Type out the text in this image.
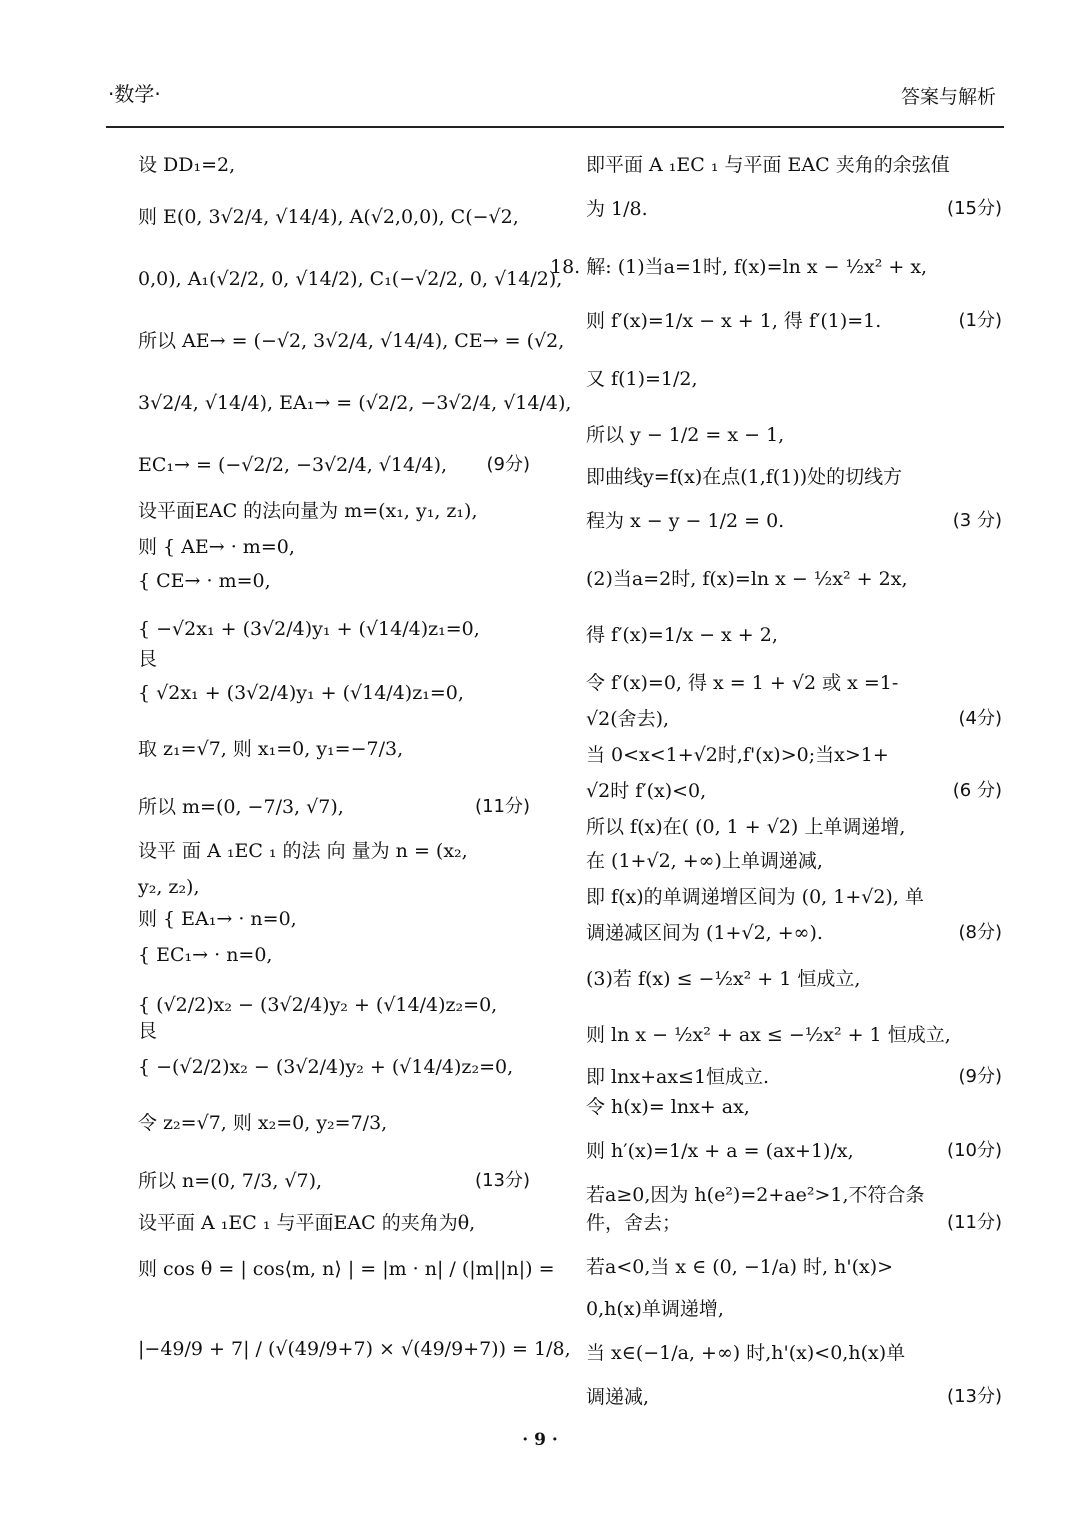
·数学·	答案与解析
设 DD₁=2,
则 E(0, 3√2/4, √14/4), A(√2,0,0), C(−√2,
0,0), A₁(√2/2, 0, √14/2), C₁(−√2/2, 0, √14/2),
所以 AE→ = (−√2, 3√2/4, √14/4), CE→ = (√2,
3√2/4, √14/4), EA₁→ = (√2/2, −3√2/4, √14/4),
EC₁→ = (−√2/2, −3√2/4, √14/4), (9分)
设平面EAC 的法向量为 m=(x₁, y₁, z₁),
则 { AE→ · m=0,
{ CE→ · m=0,
{ −√2x₁ + (3√2/4)y₁ + (√14/4)z₁=0,
艮
{ √2x₁ + (3√2/4)y₁ + (√14/4)z₁=0,
取 z₁=√7, 则 x₁=0, y₁=−7/3,
所以 m=(0, −7/3, √7),	(11分)
设平 面 A ₁EC ₁ 的法 向 量为 n = (x₂,
y₂, z₂),
则 { EA₁→ · n=0,
{ EC₁→ · n=0,
{ (√2/2)x₂ − (3√2/4)y₂ + (√14/4)z₂=0,
艮
{ −(√2/2)x₂ − (3√2/4)y₂ + (√14/4)z₂=0,
令 z₂=√7, 则 x₂=0, y₂=7/3,
所以 n=(0, 7/3, √7),	(13分)
设平面 A ₁EC ₁ 与平面EAC 的夹角为θ,
则 cos θ = | cos⟨m, n⟩ | = |m · n| / (|m||n|) =
|−49/9 + 7| / (√(49/9+7) × √(49/9+7)) = 1/8,
即平面 A ₁EC ₁ 与平面 EAC 夹角的余弦值
为 1/8.	(15分)
18. 解: (1)当a=1时, f(x)=ln x − ½x² + x,
则 f′(x)=1/x − x + 1, 得 f′(1)=1.	(1分)
又 f(1)=1/2,
所以 y − 1/2 = x − 1,
即曲线y=f(x)在点(1,f(1))处的切线方
程为 x − y − 1/2 = 0.	(3 分)
(2)当a=2时, f(x)=ln x − ½x² + 2x,
得 f′(x)=1/x − x + 2,
令 f′(x)=0, 得 x = 1 + √2 或 x =1-
√2(舍去),	(4分)
当 0<x<1+√2时,f'(x)>0;当x>1+
√2时 f′(x)<0,	(6 分)
所以 f(x)在( (0, 1 + √2) 上单调递增,
在 (1+√2, +∞)上单调递减,
即 f(x)的单调递增区间为 (0, 1+√2), 单
调递减区间为 (1+√2, +∞).	(8分)
(3)若 f(x) ≤ −½x² + 1 恒成立,
则 ln x − ½x² + ax ≤ −½x² + 1 恒成立,
即 lnx+ax≤1恒成立.	(9分)
令 h(x)= lnx+ ax,
则 h′(x)=1/x + a = (ax+1)/x,	(10分)
若a≥0,因为 h(e²)=2+ae²>1,不符合条
件，舍去；	(11分)
若a<0,当 x ∈ (0, −1/a) 时, h'(x)>
0,h(x)单调递增,
当 x∈(−1/a, +∞) 时,h'(x)<0,h(x)单
调递减,	(13分)
· 9 ·
